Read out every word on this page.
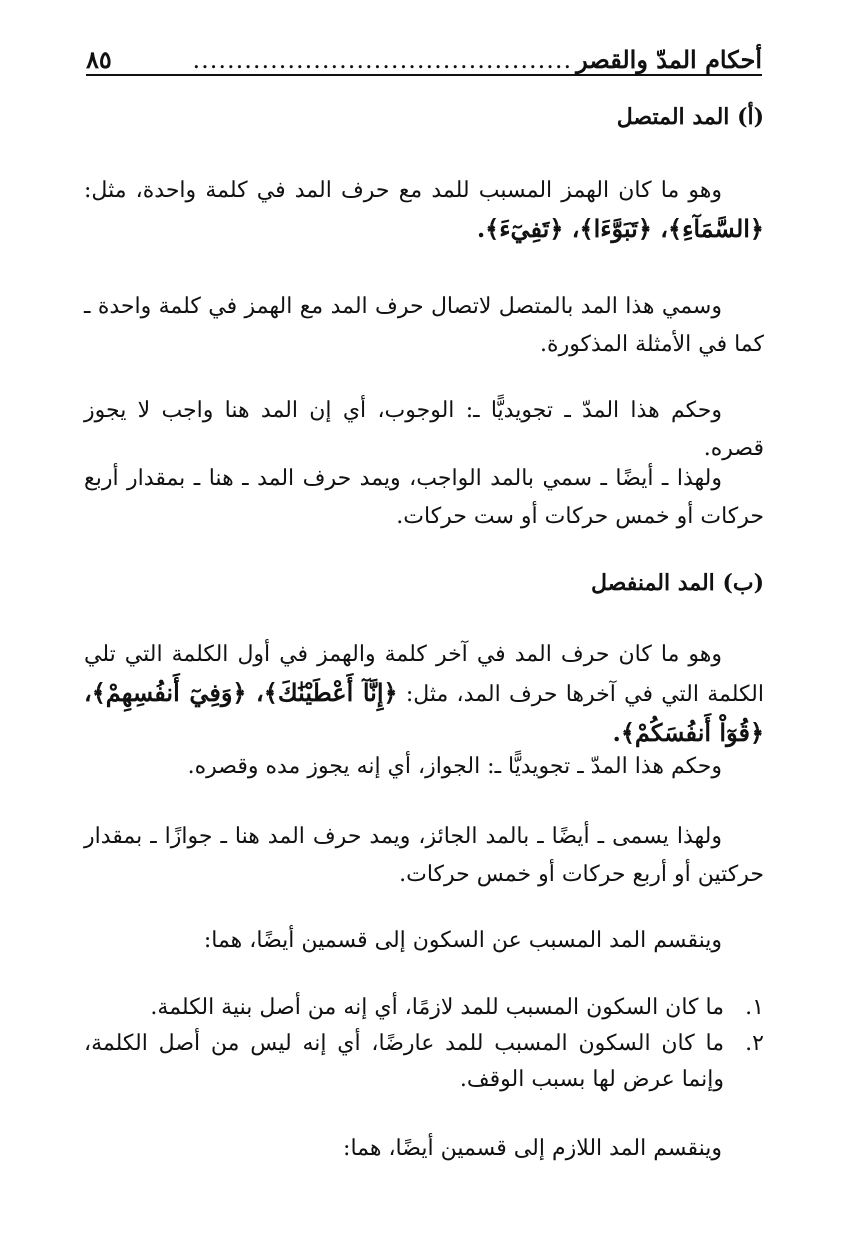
أحكام المدّ والقصر
............................................
٨٥
(أ) المد المتصل
وهو ما كان الهمز المسبب للمد مع حرف المد في كلمة واحدة، مثل: ﴿السَّمَآءِ﴾، ﴿تَبَوَّءَا﴾، ﴿تَفِيٓءَ﴾.
وسمي هذا المد بالمتصل لاتصال حرف المد مع الهمز في كلمة واحدة ـ كما في الأمثلة المذكورة.
وحكم هذا المدّ ـ تجويديًّا ـ: الوجوب، أي إن المد هنا واجب لا يجوز قصره.
ولهذا ـ أيضًا ـ سمي بالمد الواجب، ويمد حرف المد ـ هنا ـ بمقدار أربع حركات أو خمس حركات أو ست حركات.
(ب) المد المنفصل
وهو ما كان حرف المد في آخر كلمة والهمز في أول الكلمة التي تلي الكلمة التي في آخرها حرف المد، مثل: ﴿إِنَّآ أَعْطَيْنَٰكَ﴾، ﴿وَفِيٓ أَنفُسِهِمْ﴾، ﴿قُوٓاْ أَنفُسَكُمْ﴾.
وحكم هذا المدّ ـ تجويديًّا ـ: الجواز، أي إنه يجوز مده وقصره.
ولهذا يسمى ـ أيضًا ـ بالمد الجائز، ويمد حرف المد هنا ـ جوازًا ـ بمقدار حركتين أو أربع حركات أو خمس حركات.
وينقسم المد المسبب عن السكون إلى قسمين أيضًا، هما:
١.
ما كان السكون المسبب للمد لازمًا، أي إنه من أصل بنية الكلمة.
٢.
ما كان السكون المسبب للمد عارضًا، أي إنه ليس من أصل الكلمة، وإنما عرض لها بسبب الوقف.
وينقسم المد اللازم إلى قسمين أيضًا، هما:
